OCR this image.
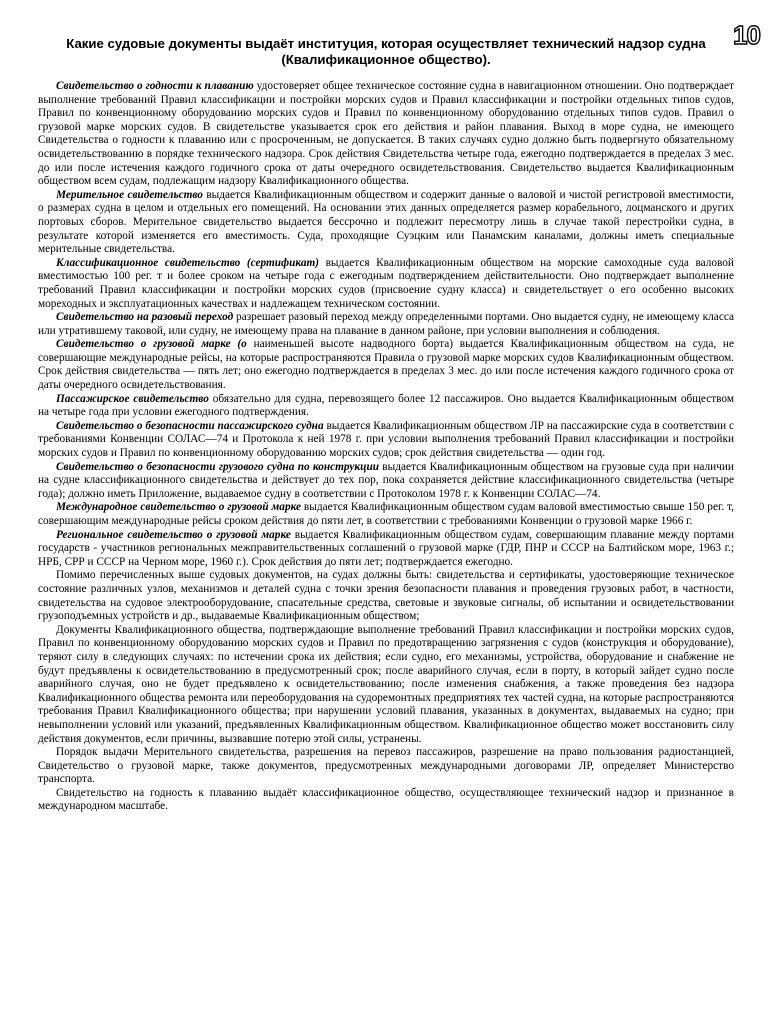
10
Какие судовые документы выдаёт институция, которая осуществляет технический надзор судна (Квалификационное общество).

Свидетельство о годности к плаванию удостоверяет общее техническое состояние судна в навигационном отношении. Оно подтверждает выполнение требований Правил классификации и постройки морских судов и Правил классификации и постройки отдельных типов судов, Правил по конвенционному оборудованию морских судов и Правил по конвенционному оборудованию отдельных типов судов. Правил о грузовой марке морских судов. В свидетельстве указывается срок его действия и район плавания. Выход в море судна, не имеющего Свидетельства о годности к плаванию или с просроченным, не допускается. В таких случаях судно должно быть подвергнуто обязательному освидетельствованию в порядке технического надзора. Срок действия Свидетельства четыре года, ежегодно подтверждается в пределах 3 мес. до или после истечения каждого годичного срока от даты очередного освидетельствования. Свидетельство выдается Квалификационным обществом всем судам, подлежащим надзору Квалификационного общества.

Мерительное свидетельство выдается Квалификационным обществом и содержит данные о валовой и чистой регистровой вместимости, о размерах судна в целом и отдельных его помещений. На основании этих данных определяется размер корабельного, лоцманского и других портовых сборов. Мерительное свидетельство выдается бессрочно и подлежит пересмотру лишь в случае такой перестройки судна, в результате которой изменяется его вместимость. Суда, проходящие Суэцким или Панамским каналами, должны иметь специальные мерительные свидетельства.

Классификационное свидетельство (сертификат) выдается Квалификационным обществом на морские самоходные суда валовой вместимостью 100 рег. т и более сроком на четыре года с ежегодным подтверждением действительности. Оно подтверждает выполнение требований Правил классификации и постройки морских судов (присвоение судну класса) и свидетельствует о его особенно высоких мореходных и эксплуатационных качествах и надлежащем техническом состоянии.

Свидетельство на разовый переход разрешает разовый переход между определенными портами. Оно выдается судну, не имеющему класса или утратившему таковой, или судну, не имеющему права на плавание в данном районе, при условии выполнения и соблюдения.

Свидетельство о грузовой марке (о наименьшей высоте надводного борта) выдается Квалификационным обществом на суда, не совершающие международные рейсы, на которые распространяются Правила о грузовой марке морских судов Квалификационным обществом. Срок действия свидетельства — пять лет; оно ежегодно подтверждается в пределах 3 мес. до или после истечения каждого годичного срока от даты очередного освидетельствования.

Пассажирское свидетельство обязательно для судна, перевозящего более 12 пассажиров. Оно выдается Квалификационным обществом на четыре года при условии ежегодного подтверждения.

Свидетельство о безопасности пассажирского судна выдается Квалификационным обществом ЛР на пассажирские суда в соответствии с требованиями Конвенции СОЛАС—74 и Протокола к ней 1978 г. при условии выполнения требований Правил классификации и постройки морских судов и Правил по конвенционному оборудованию морских судов; срок действия свидетельства — один год.

Свидетельство о безопасности грузового судна по конструкции выдается Квалификационным обществом на грузовые суда при наличии на судне классификационного свидетельства и действует до тех пор, пока сохраняется действие классификационного свидетельства (четыре года); должно иметь Приложение, выдаваемое судну в соответствии с Протоколом 1978 г. к Конвенции СОЛАС—74.

Международное свидетельство о грузовой марке выдается Квалификационным обществом судам валовой вместимостью свыше 150 рег. т, совершающим международные рейсы сроком действия до пяти лет, в соответствии с требованиями Конвенции о грузовой марке 1966 г.

Региональное свидетельство о грузовой марке выдается Квалификационным обществом судам, совершающим плавание между портами государств - участников региональных межправительственных соглашений о грузовой марке (ГДР, ПНР и СССР на Балтийском море, 1963 г.; НРБ, СРР и СССР на Черном море, 1960 г.). Срок действия до пяти лет; подтверждается ежегодно.

Помимо перечисленных выше судовых документов, на судах должны быть: свидетельства и сертификаты, удостоверяющие техническое состояние различных узлов, механизмов и деталей судна с точки зрения безопасности плавания и проведения грузовых работ, в частности, свидетельства на судовое электрооборудование, спасательные средства, световые и звуковые сигналы, об испытании и освидетельствовании грузоподъемных устройств и др., выдаваемые Квалификационным обществом;

Документы Квалификационного общества, подтверждающие выполнение требований Правил классификации и постройки морских судов, Правил по конвенционному оборудованию морских судов и Правил по предотвращению загрязнения с судов (конструкция и оборудование), теряют силу в следующих случаях: по истечении срока их действия; если судно, его механизмы, устройства, оборудование и снабжение не будут предъявлены к освидетельствованию в предусмотренный срок; после аварийного случая, если в порту, в который зайдет судно после аварийного случая, оно не будет предъявлено к освидетельствованию; после изменения снабжения, а также проведения без надзора Квалификационного общества ремонта или переоборудования на судоремонтных предприятиях тех частей судна, на которые распространяются требования Правил Квалификационного общества; при нарушении условий плавания, указанных в документах, выдаваемых на судно; при невыполнении условий или указаний, предъявленных Квалификационным обществом. Квалификационное общество может восстановить силу действия документов, если причины, вызвавшие потерю этой силы, устранены.

Порядок выдачи Мерительного свидетельства, разрешения на перевоз пассажиров, разрешение на право пользования радиостанцией, Свидетельство о грузовой марке, также документов, предусмотренных международными договорами ЛР, определяет Министерство транспорта.

Свидетельство на годность к плаванию выдаёт классификационное общество, осуществляющее технический надзор и признанное в международном масштабе.
